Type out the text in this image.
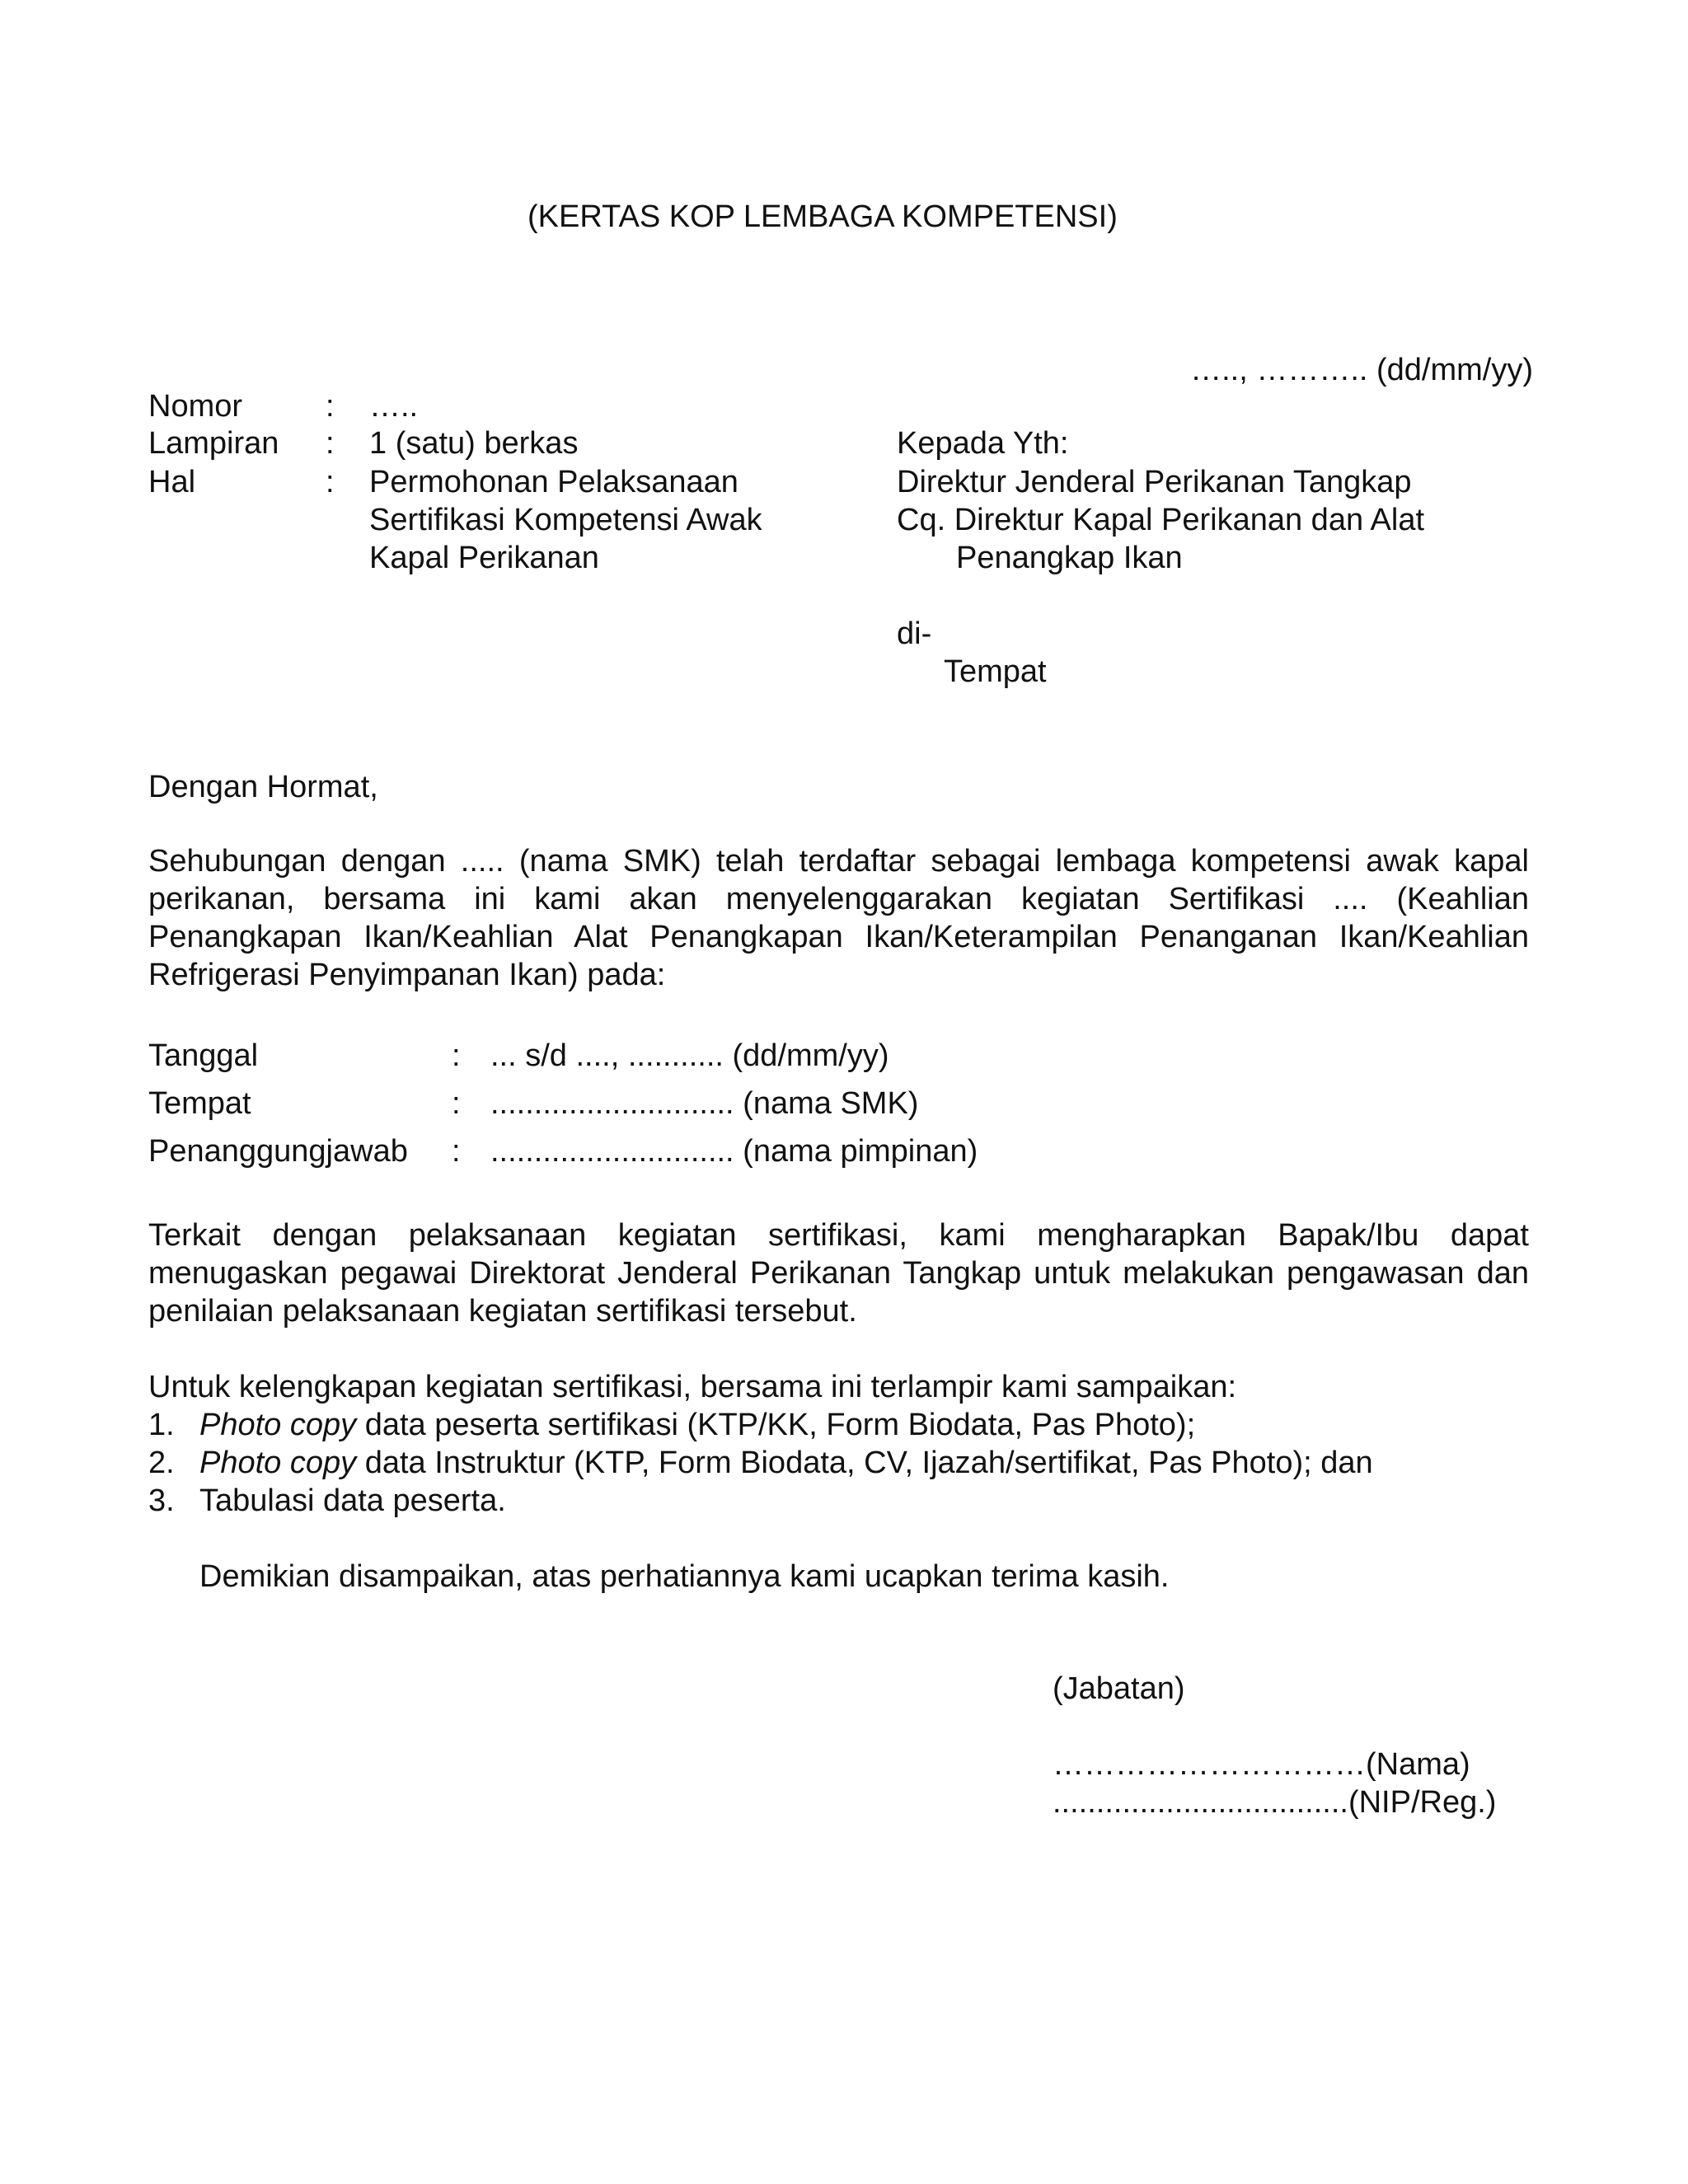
(KERTAS KOP LEMBAGA KOMPETENSI)
….., ……….. (dd/mm/yy)
Nomor	: …..
Lampiran : 1 (satu) berkas
Hal	: Permohonan Pelaksanaan
Sertifikasi Kompetensi Awak
Kapal Perikanan
Kepada Yth:
Direktur Jenderal Perikanan Tangkap
Cq. Direktur Kapal Perikanan dan Alat
Penangkap Ikan
di-
Tempat
Dengan Hormat,
Sehubungan dengan ..... (nama SMK) telah terdaftar sebagai lembaga kompetensi awak kapal perikanan, bersama ini kami akan menyelenggarakan kegiatan Sertifikasi .... (Keahlian Penangkapan Ikan/Keahlian Alat Penangkapan Ikan/Keterampilan Penanganan Ikan/Keahlian Refrigerasi Penyimpanan Ikan) pada:
Tanggal	: ... s/d ...., ........... (dd/mm/yy)
Tempat	: ............................ (nama SMK)
Penanggungjawab : ............................ (nama pimpinan)
Terkait dengan pelaksanaan kegiatan sertifikasi, kami mengharapkan Bapak/Ibu dapat menugaskan pegawai Direktorat Jenderal Perikanan Tangkap untuk melakukan pengawasan dan penilaian pelaksanaan kegiatan sertifikasi tersebut.
Untuk kelengkapan kegiatan sertifikasi, bersama ini terlampir kami sampaikan:
1. Photo copy data peserta sertifikasi (KTP/KK, Form Biodata, Pas Photo);
2. Photo copy data Instruktur (KTP, Form Biodata, CV, Ijazah/sertifikat, Pas Photo); dan
3. Tabulasi data peserta.
Demikian disampaikan, atas perhatiannya kami ucapkan terima kasih.
(Jabatan)
…………………………(Nama)
..................................(NIP/Reg.)
